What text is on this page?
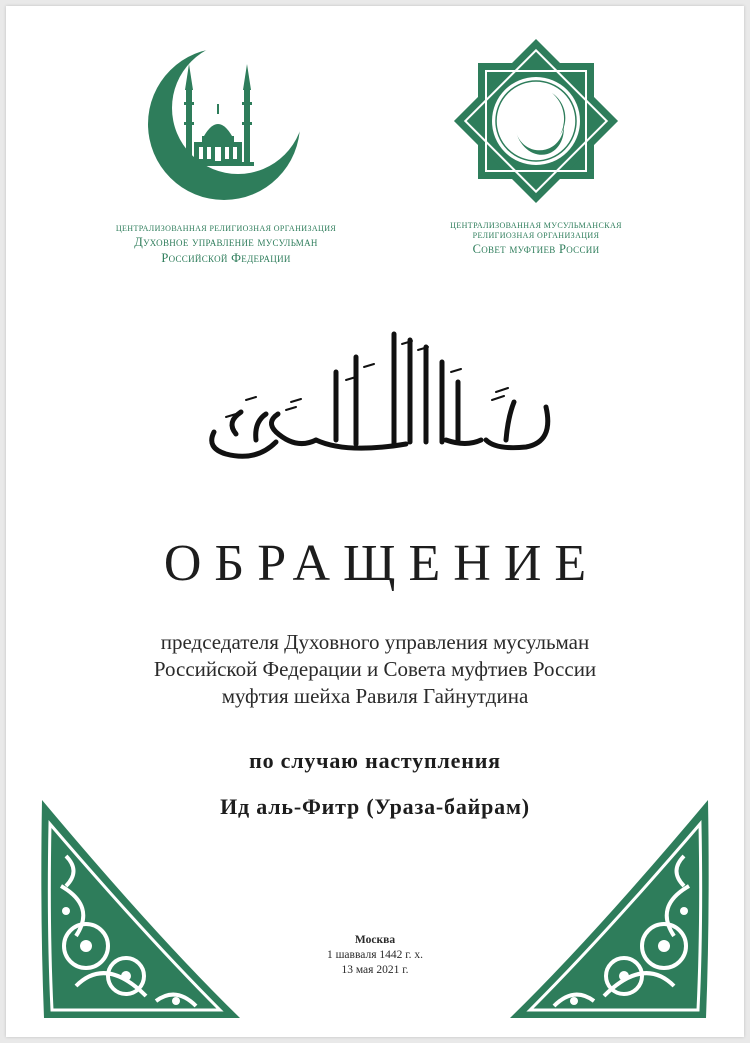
ЦЕНТРАЛИЗОВАННАЯ РЕЛИГИОЗНАЯ ОРГАНИЗАЦИЯ
Духовное управление мусульман
Российской Федерации
ЦЕНТРАЛИЗОВАННАЯ МУСУЛЬМАНСКАЯ
РЕЛИГИОЗНАЯ ОРГАНИЗАЦИЯ
Совет муфтиев России
ОБРАЩЕНИЕ
председателя Духовного управления мусульман
Российской Федерации и Совета муфтиев России
муфтия шейха Равиля Гайнутдина
по случаю наступления
Ид аль-Фитр (Ураза-байрам)
Москва
1 шавваля 1442 г. х.
13 мая 2021 г.
